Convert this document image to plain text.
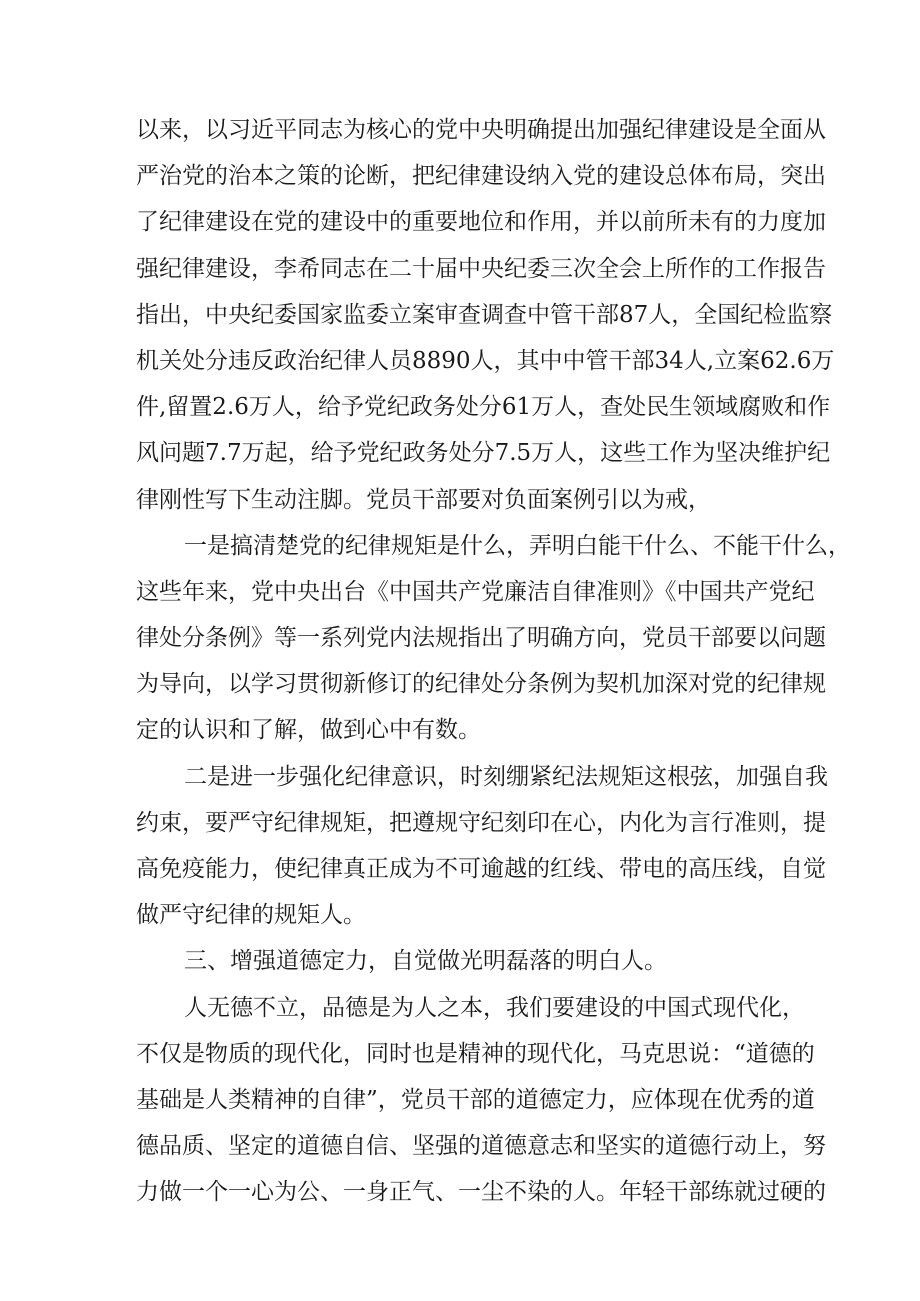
以来，以习近平同志为核心的党中央明确提出加强纪律建设是全面从
严治党的治本之策的论断，把纪律建设纳入党的建设总体布局，突出
了纪律建设在党的建设中的重要地位和作用，并以前所未有的力度加
强纪律建设，李希同志在二十届中央纪委三次全会上所作的工作报告
指出，中央纪委国家监委立案审查调查中管干部87人，全国纪检监察
机关处分违反政治纪律人员8890人，其中中管干部34人,立案62.6万
件,留置2.6万人，给予党纪政务处分61万人，查处民生领域腐败和作
风问题7.7万起，给予党纪政务处分7.5万人，这些工作为坚决维护纪
律刚性写下生动注脚。党员干部要对负面案例引以为戒，
一是搞清楚党的纪律规矩是什么，弄明白能干什么、不能干什么，
这些年来，党中央出台《中国共产党廉洁自律准则》《中国共产党纪
律处分条例》等一系列党内法规指出了明确方向，党员干部要以问题
为导向，以学习贯彻新修订的纪律处分条例为契机加深对党的纪律规
定的认识和了解，做到心中有数。
二是进一步强化纪律意识，时刻绷紧纪法规矩这根弦，加强自我
约束，要严守纪律规矩，把遵规守纪刻印在心，内化为言行准则，提
高免疫能力，使纪律真正成为不可逾越的红线、带电的高压线，自觉
做严守纪律的规矩人。
三、增强道德定力，自觉做光明磊落的明白人。
人无德不立，品德是为人之本，我们要建设的中国式现代化，
不仅是物质的现代化，同时也是精神的现代化，马克思说：“道德的
基础是人类精神的自律”，党员干部的道德定力，应体现在优秀的道
德品质、坚定的道德自信、坚强的道德意志和坚实的道德行动上，努
力做一个一心为公、一身正气、一尘不染的人。年轻干部练就过硬的
